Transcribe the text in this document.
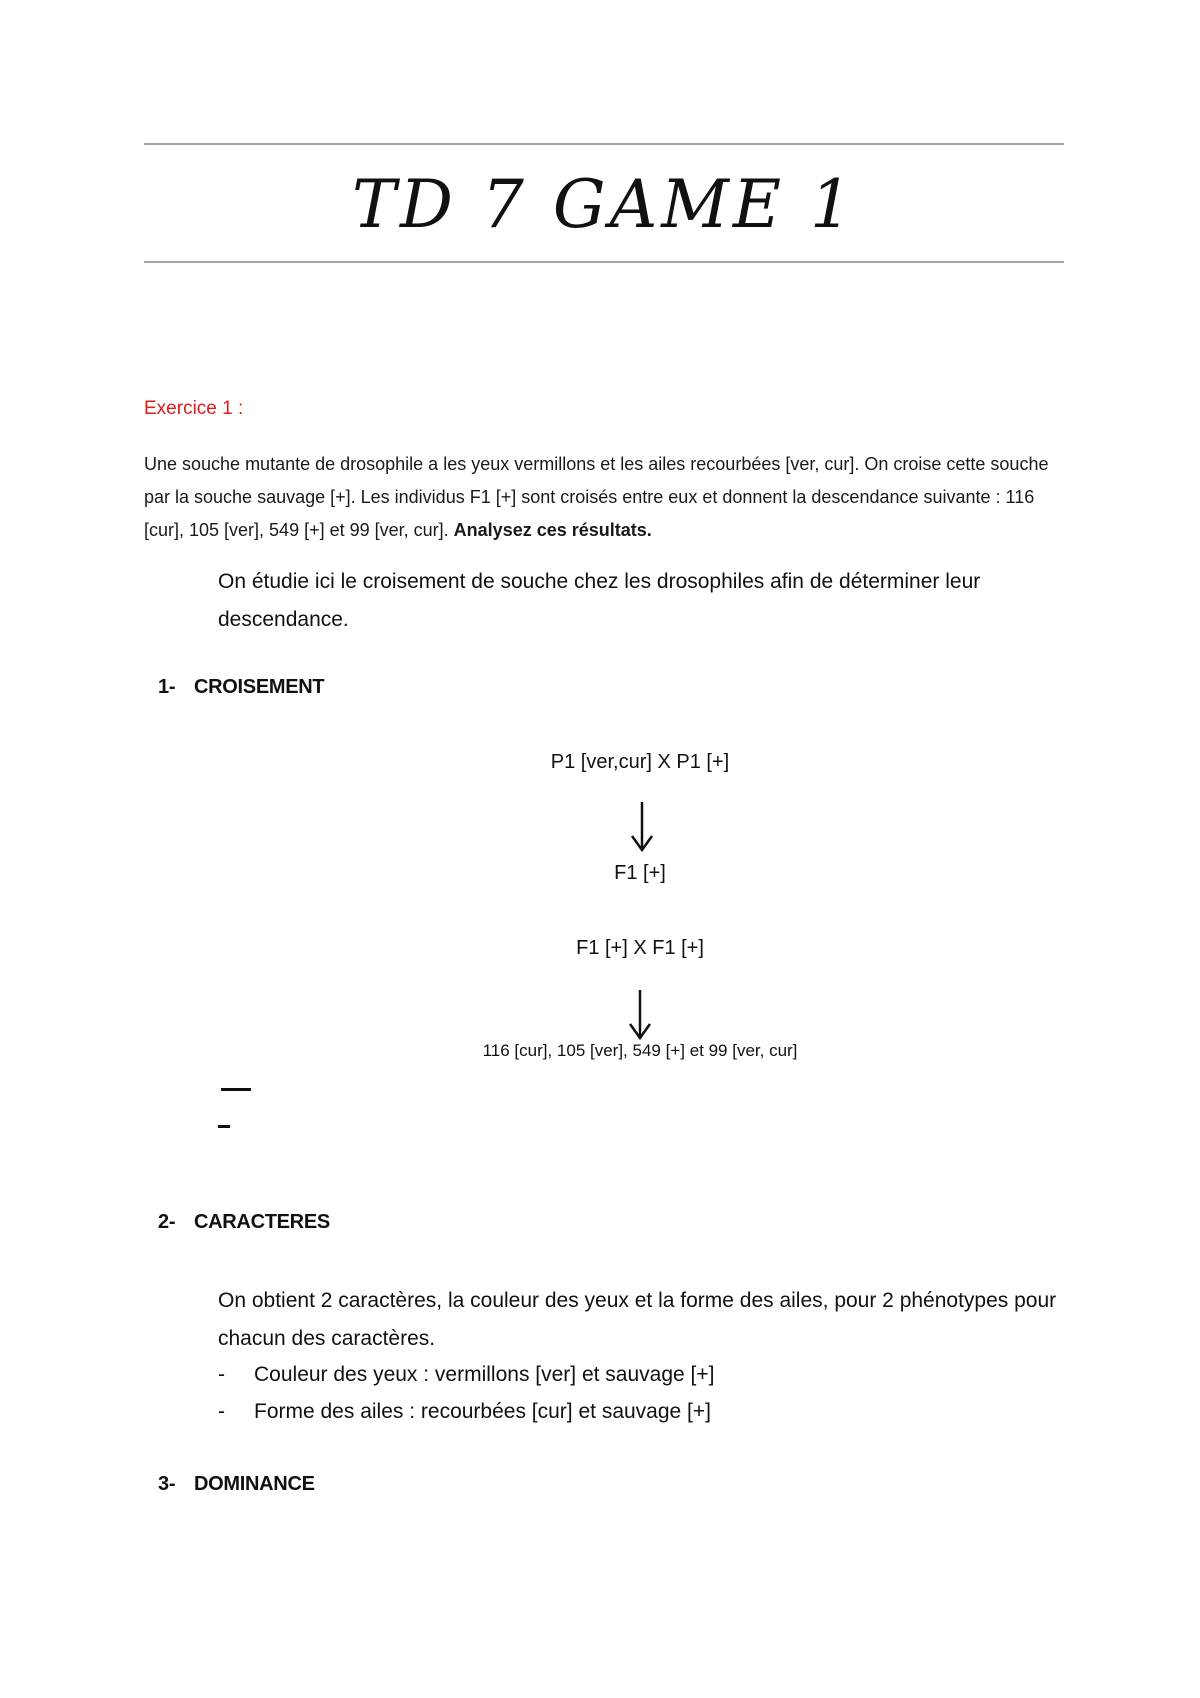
TD 7 GAME 1
Exercice 1 :
Une souche mutante de drosophile a les yeux vermillons et les ailes recourbées [ver, cur]. On croise cette souche par la souche sauvage [+]. Les individus F1 [+] sont croisés entre eux et donnent la descendance suivante : 116 [cur], 105 [ver], 549 [+] et 99 [ver, cur]. Analysez ces résultats.
On étudie ici le croisement de souche chez les drosophiles afin de déterminer leur descendance.
1- CROISEMENT
P1 [ver,cur] X P1 [+]
F1 [+]
F1 [+] X F1 [+]
116 [cur], 105 [ver], 549 [+] et 99 [ver, cur]
2- CARACTERES
On obtient 2 caractères, la couleur des yeux et la forme des ailes, pour 2 phénotypes pour chacun des caractères.
- Couleur des yeux : vermillons [ver] et sauvage [+]
- Forme des ailes : recourbées [cur] et sauvage [+]
3- DOMINANCE
